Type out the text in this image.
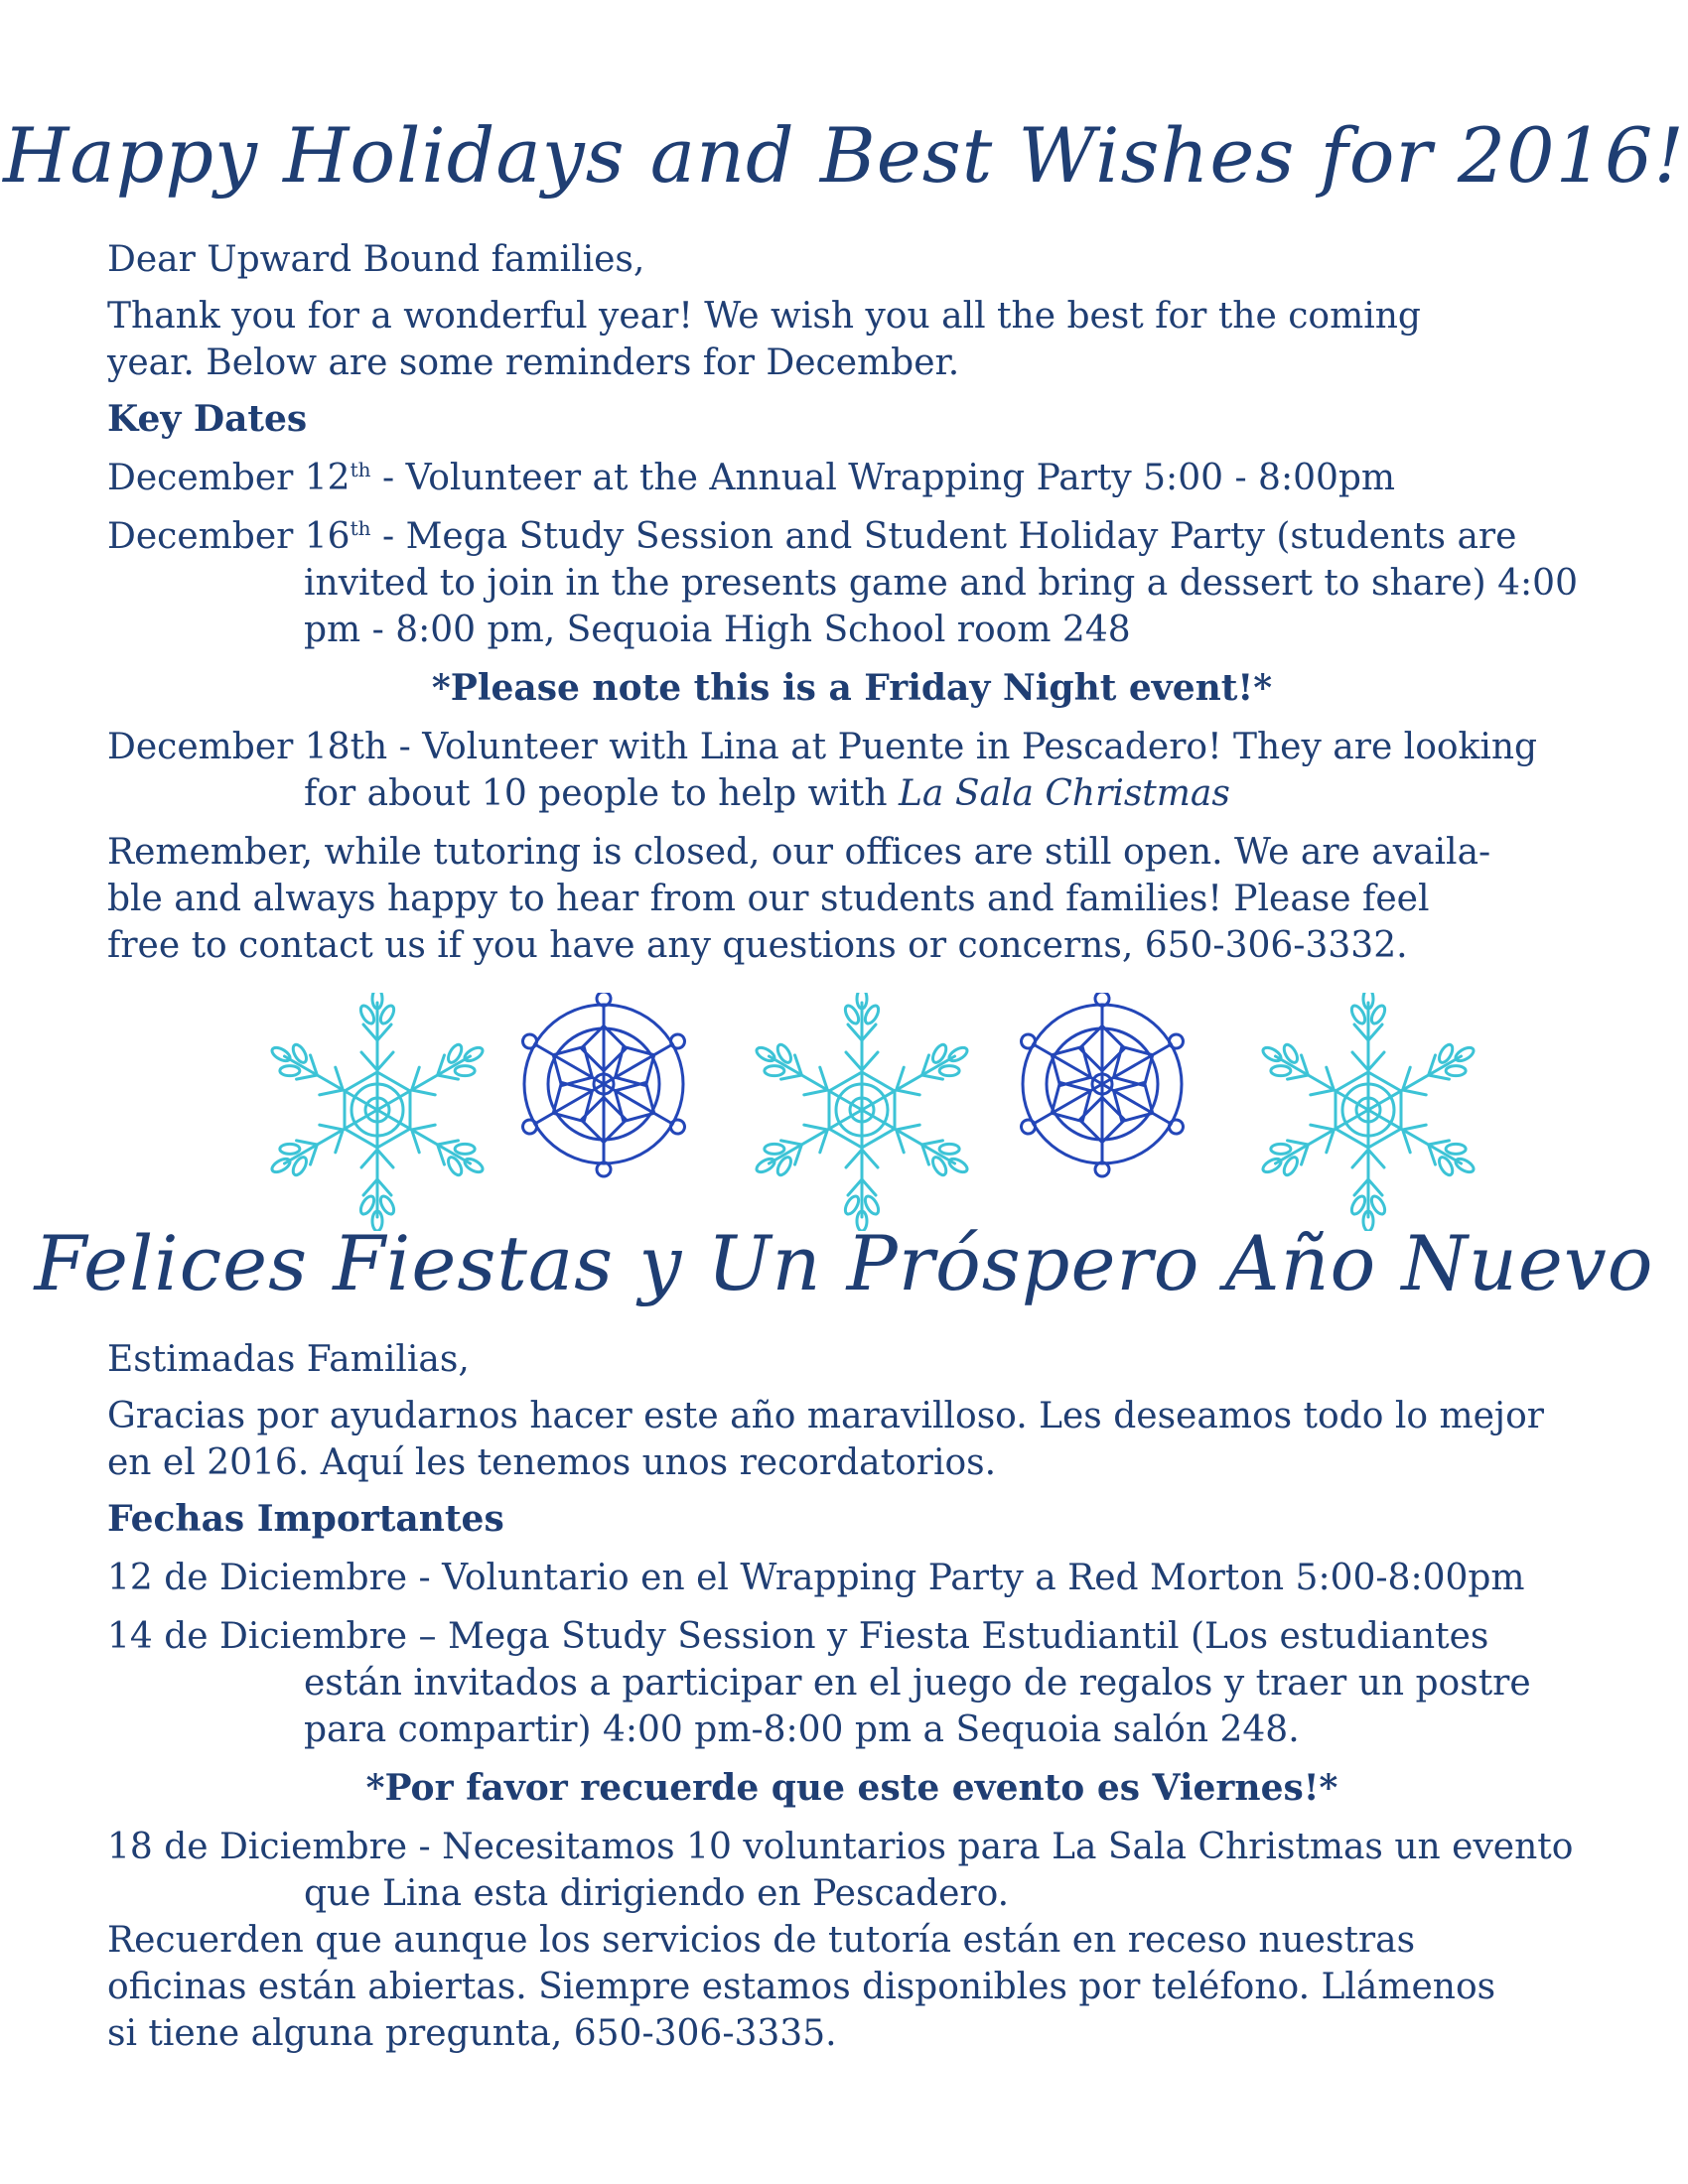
Happy Holidays and Best Wishes for 2016!

Dear Upward Bound families,

Thank you for a wonderful year! We wish you all the best for the coming

year. Below are some reminders for December.

Key Dates

December 12th - Volunteer at the Annual Wrapping Party 5:00 - 8:00pm

December 16th - Mega Study Session and Student Holiday Party (students are invited to join in the presents game and bring a dessert to share) 4:00 pm - 8:00 pm, Sequoia High School room 248

*Please note this is a Friday Night event!*

December 18th - Volunteer with Lina at Puente in Pescadero! They are looking for about 10 people to help with La Sala Christmas

Remember, while tutoring is closed, our offices are still open. We are availa-

ble and always happy to hear from our students and families! Please feel

free to contact us if you have any questions or concerns, 650-306-3332.

Felices Fiestas y Un Próspero Año Nuevo

Estimadas Familias,

Gracias por ayudarnos hacer este año maravilloso. Les deseamos todo lo mejor

en el 2016. Aquí les tenemos unos recordatorios.

Fechas Importantes

12 de Diciembre - Voluntario en el Wrapping Party a Red Morton 5:00-8:00pm

14 de Diciembre – Mega Study Session y Fiesta Estudiantil (Los estudiantes están invitados a participar en el juego de regalos y traer un postre para compartir) 4:00 pm-8:00 pm a Sequoia salón 248.

*Por favor recuerde que este evento es Viernes!*

18 de Diciembre - Necesitamos 10 voluntarios para La Sala Christmas un evento que Lina esta dirigiendo en Pescadero.

Recuerden que aunque los servicios de tutoría están en receso nuestras

oficinas están abiertas. Siempre estamos disponibles por teléfono. Llámenos

si tiene alguna pregunta, 650-306-3335.
